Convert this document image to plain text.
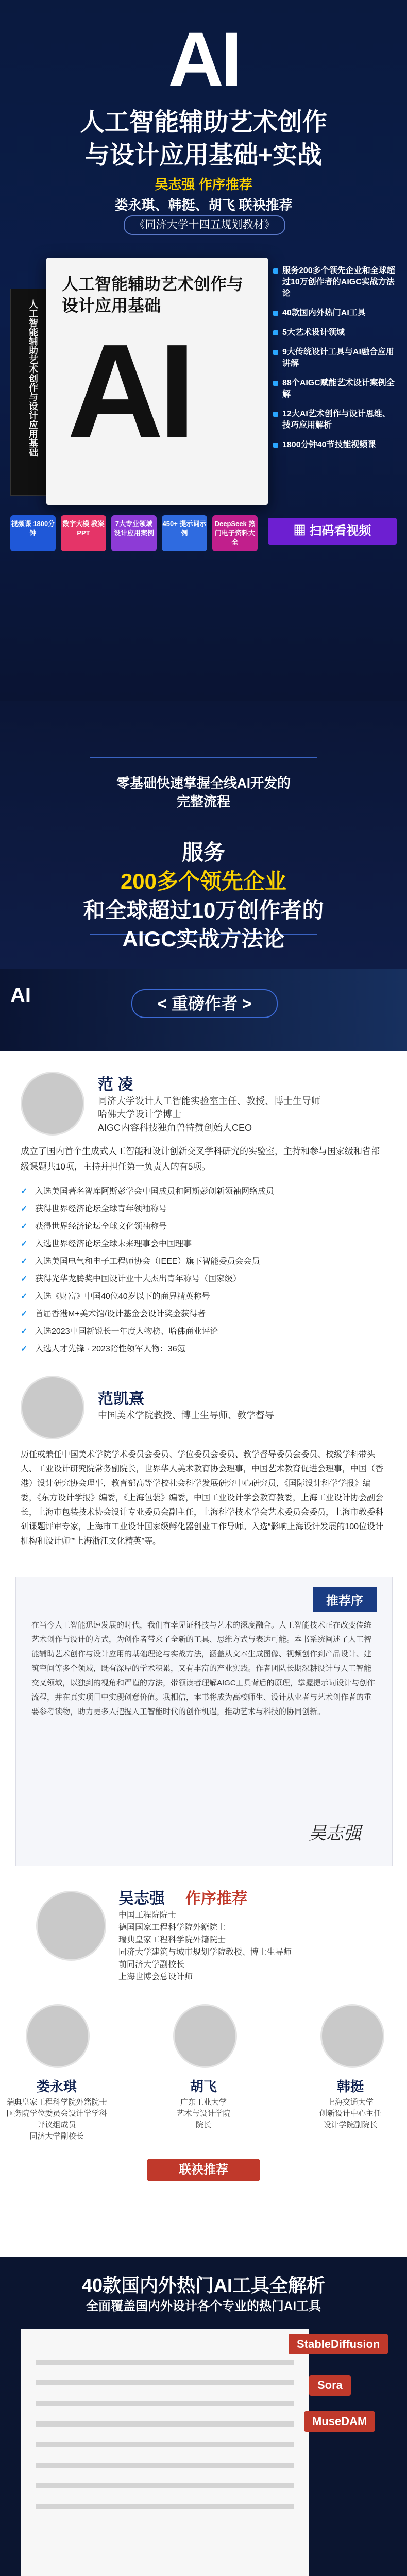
AI
人工智能辅助艺术创作
与设计应用基础+实战
吴志强 作序推荐
娄永琪、韩挺、胡飞 联袂推荐
《同济大学十四五规划教材》
人工智能辅助艺术创作与设计应用基础
人工智能辅助艺术创作与设计应用基础
AI
服务200多个领先企业和全球超过10万创作者的AIGC实战方法论
40款国内外热门AI工具
5大艺术设计领域
9大传统设计工具与AI融合应用讲解
88个AIGC赋能艺术设计案例全解
12大AI艺术创作与设计思维、技巧应用解析
1800分钟40节技能视频课
▦ 扫码看视频
视频课 1800分钟
数字大模 教案PPT
7大专业领域 设计应用案例
450+ 提示词示例
DeepSeek 热门电子资料大全
零基础快速掌握全线AI开发的
完整流程
服务
200多个领先企业
和全球超过10万创作者的
AIGC实战方法论
AI	< 重磅作者 >
范 凌
同济大学设计人工智能实验室主任、教授、博士生导师
哈佛大学设计学博士
AIGC内容科技独角兽特赞创始人CEO
成立了国内首个生成式人工智能和设计创新交叉学科研究的实验室，主持和参与国家级和省部级课题共10项，主持并担任第一负责人的有5项。
✓ 入选美国著名智库阿斯彭学会中国成员和阿斯彭创新领袖网络成员
✓ 获得世界经济论坛全球青年领袖称号
✓ 获得世界经济论坛全球文化领袖称号
✓ 入选世界经济论坛全球未来理事会中国理事
✓ 入选美国电气和电子工程师协会（IEEE）旗下智能委员会会员
✓ 获得光华龙腾奖中国设计业十大杰出青年称号（国家级）
✓ 入选《财富》中国40位40岁以下的商界精英称号
✓ 首届香港M+美术馆/设计基金会设计奖金获得者
✓ 入选2023中国新锐长一年度人物榜、哈佛商业评论
✓ 入选人才先锋 · 2023陪性领军人物：36氪
范凯熹
中国美术学院教授、博士生导师、教学督导
历任或兼任中国美术学院学术委员会委员、学位委员会委员、教学督导委员会委员、校级学科带头人、工业设计研究院常务副院长，世界华人美术教育协会理事，中国艺术教育促进会理事，中国（香港）设计研究协会理事，教育部高等学校社会科学发展研究中心研究员，《国际设计科学学报》编委，《东方设计学报》编委，《上海包装》编委，中国工业设计学会教育教委，上海工业设计协会副会长，上海市包装技术协会设计专业委员会副主任，上海科学技术学会艺术委员会委员，上海市教委科研课题评审专家，上海市工业设计国家级孵化器创业工作导师。入选“影响上海设计发展的100位设计机构和设计师”“上海浙江文化精英”等。
推荐序
在当今人工智能迅速发展的时代，我们有幸见证科技与艺术的深度融合。人工智能技术正在改变传统艺术创作与设计的方式，为创作者带来了全新的工具、思维方式与表达可能。本书系统阐述了人工智能辅助艺术创作与设计应用的基础理论与实战方法，涵盖从文本生成图像、视频创作到产品设计、建筑空间等多个领域，既有深厚的学术积累，又有丰富的产业实践。作者团队长期深耕设计与人工智能交叉领域，以独到的视角和严谨的方法，带领读者理解AIGC工具背后的原理，掌握提示词设计与创作流程，并在真实项目中实现创意价值。我相信，本书将成为高校师生、设计从业者与艺术创作者的重要参考读物，助力更多人把握人工智能时代的创作机遇，推动艺术与科技的协同创新。
吴志强
吴志强 作序推荐
中国工程院院士
德国国家工程科学院外籍院士
瑞典皇家工程科学院外籍院士
同济大学建筑与城市规划学院教授、博士生导师
前同济大学副校长
上海世博会总设计师
娄永琪
瑞典皇家工程科学院外籍院士
国务院学位委员会设计学学科评议组成员
同济大学副校长
胡飞
广东工业大学
艺术与设计学院
院长
韩挺
上海交通大学
创新设计中心主任
设计学院副院长
联袂推荐
40款国内外热门AI工具全解析
全面覆盖国内外设计各个专业的热门AI工具
StableDiffusion
Sora
MuseDAM
